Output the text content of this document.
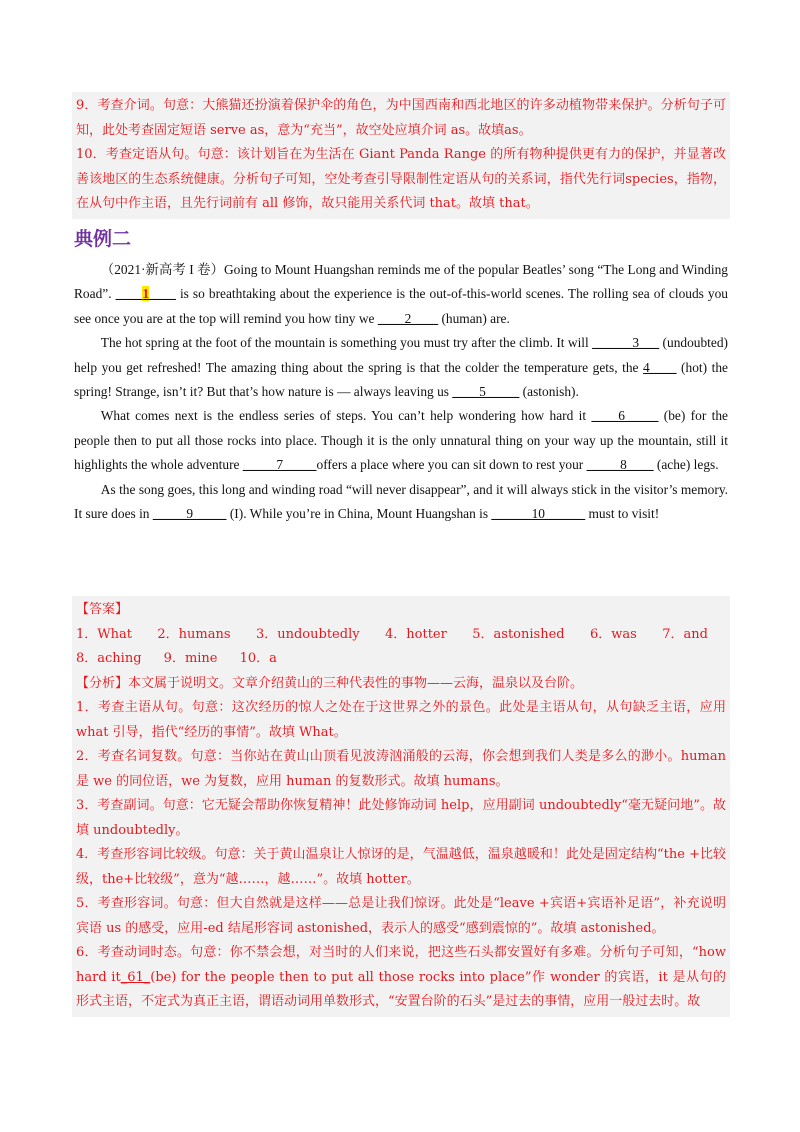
9．考查介词。句意：大熊猫还扮演着保护伞的角色，为中国西南和西北地区的许多动植物带来保护。分析句子可知，此处考查固定短语 serve as，意为“充当”，故空处应填介词 as。故填as。

10．考查定语从句。句意：该计划旨在为生活在 Giant Panda Range 的所有物种提供更有力的保护，并显著改善该地区的生态系统健康。分析句子可知，空处考查引导限制性定语从句的关系词，指代先行词species，指物，在从句中作主语，且先行词前有 all 修饰，故只能用关系代词 that。故填 that。

典例二

（2021·新高考 I 卷）Going to Mount Huangshan reminds me of the popular Beatles’ song “The Long and Winding Road”. ____1____ is so breathtaking about the experience is the out-of-this-world scenes. The rolling sea of clouds you see once you are at the top will remind you how tiny we ____2____ (human) are.

The hot spring at the foot of the mountain is something you must try after the climb. It will ______3___ (undoubted) help you get refreshed! The amazing thing about the spring is that the colder the temperature gets, the 4____ (hot) the spring! Strange, isn’t it? But that’s how nature is — always leaving us ____5_____ (astonish).

What comes next is the endless series of steps. You can’t help wondering how hard it ____6_____ (be) for the people then to put all those rocks into place. Though it is the only unnatural thing on your way up the mountain, still it highlights the whole adventure _____7_____offers a place where you can sit down to rest your _____8____ (ache) legs.

As the song goes, this long and winding road “will never disappear”, and it will always stick in the visitor’s memory. It sure does in _____9_____ (I). While you’re in China, Mount Huangshan is ______10______ must to visit!

【答案】

1．What 2．humans 3．undoubtedly 4．hotter 5．astonished 6．was 7．and 8．aching 9．mine 10．a

【分析】本文属于说明文。文章介绍黄山的三种代表性的事物——云海，温泉以及台阶。

1．考查主语从句。句意：这次经历的惊人之处在于这世界之外的景色。此处是主语从句，从句缺乏主语，应用 what 引导，指代“经历的事情”。故填 What。

2．考查名词复数。句意：当你站在黄山山顶看见波涛汹涌般的云海，你会想到我们人类是多么的渺小。human 是 we 的同位语，we 为复数，应用 human 的复数形式。故填 humans。

3．考查副词。句意：它无疑会帮助你恢复精神！此处修饰动词 help，应用副词 undoubtedly“毫无疑问地”。故填 undoubtedly。

4．考查形容词比较级。句意：关于黄山温泉让人惊讶的是，气温越低，温泉越暖和！此处是固定结构“the +比较级，the+比较级”，意为“越……，越……”。故填 hotter。

5．考查形容词。句意：但大自然就是这样——总是让我们惊讶。此处是“leave +宾语+宾语补足语”，补充说明宾语 us 的感受，应用-ed 结尾形容词 astonished，表示人的感受“感到震惊的”。故填 astonished。

6．考查动词时态。句意：你不禁会想，对当时的人们来说，把这些石头都安置好有多难。分析句子可知，“how hard it_61_(be) for the people then to put all those rocks into place”作 wonder 的宾语，it 是从句的形式主语，不定式为真正主语，谓语动词用单数形式，“安置台阶的石头”是过去的事情，应用一般过去时。故
